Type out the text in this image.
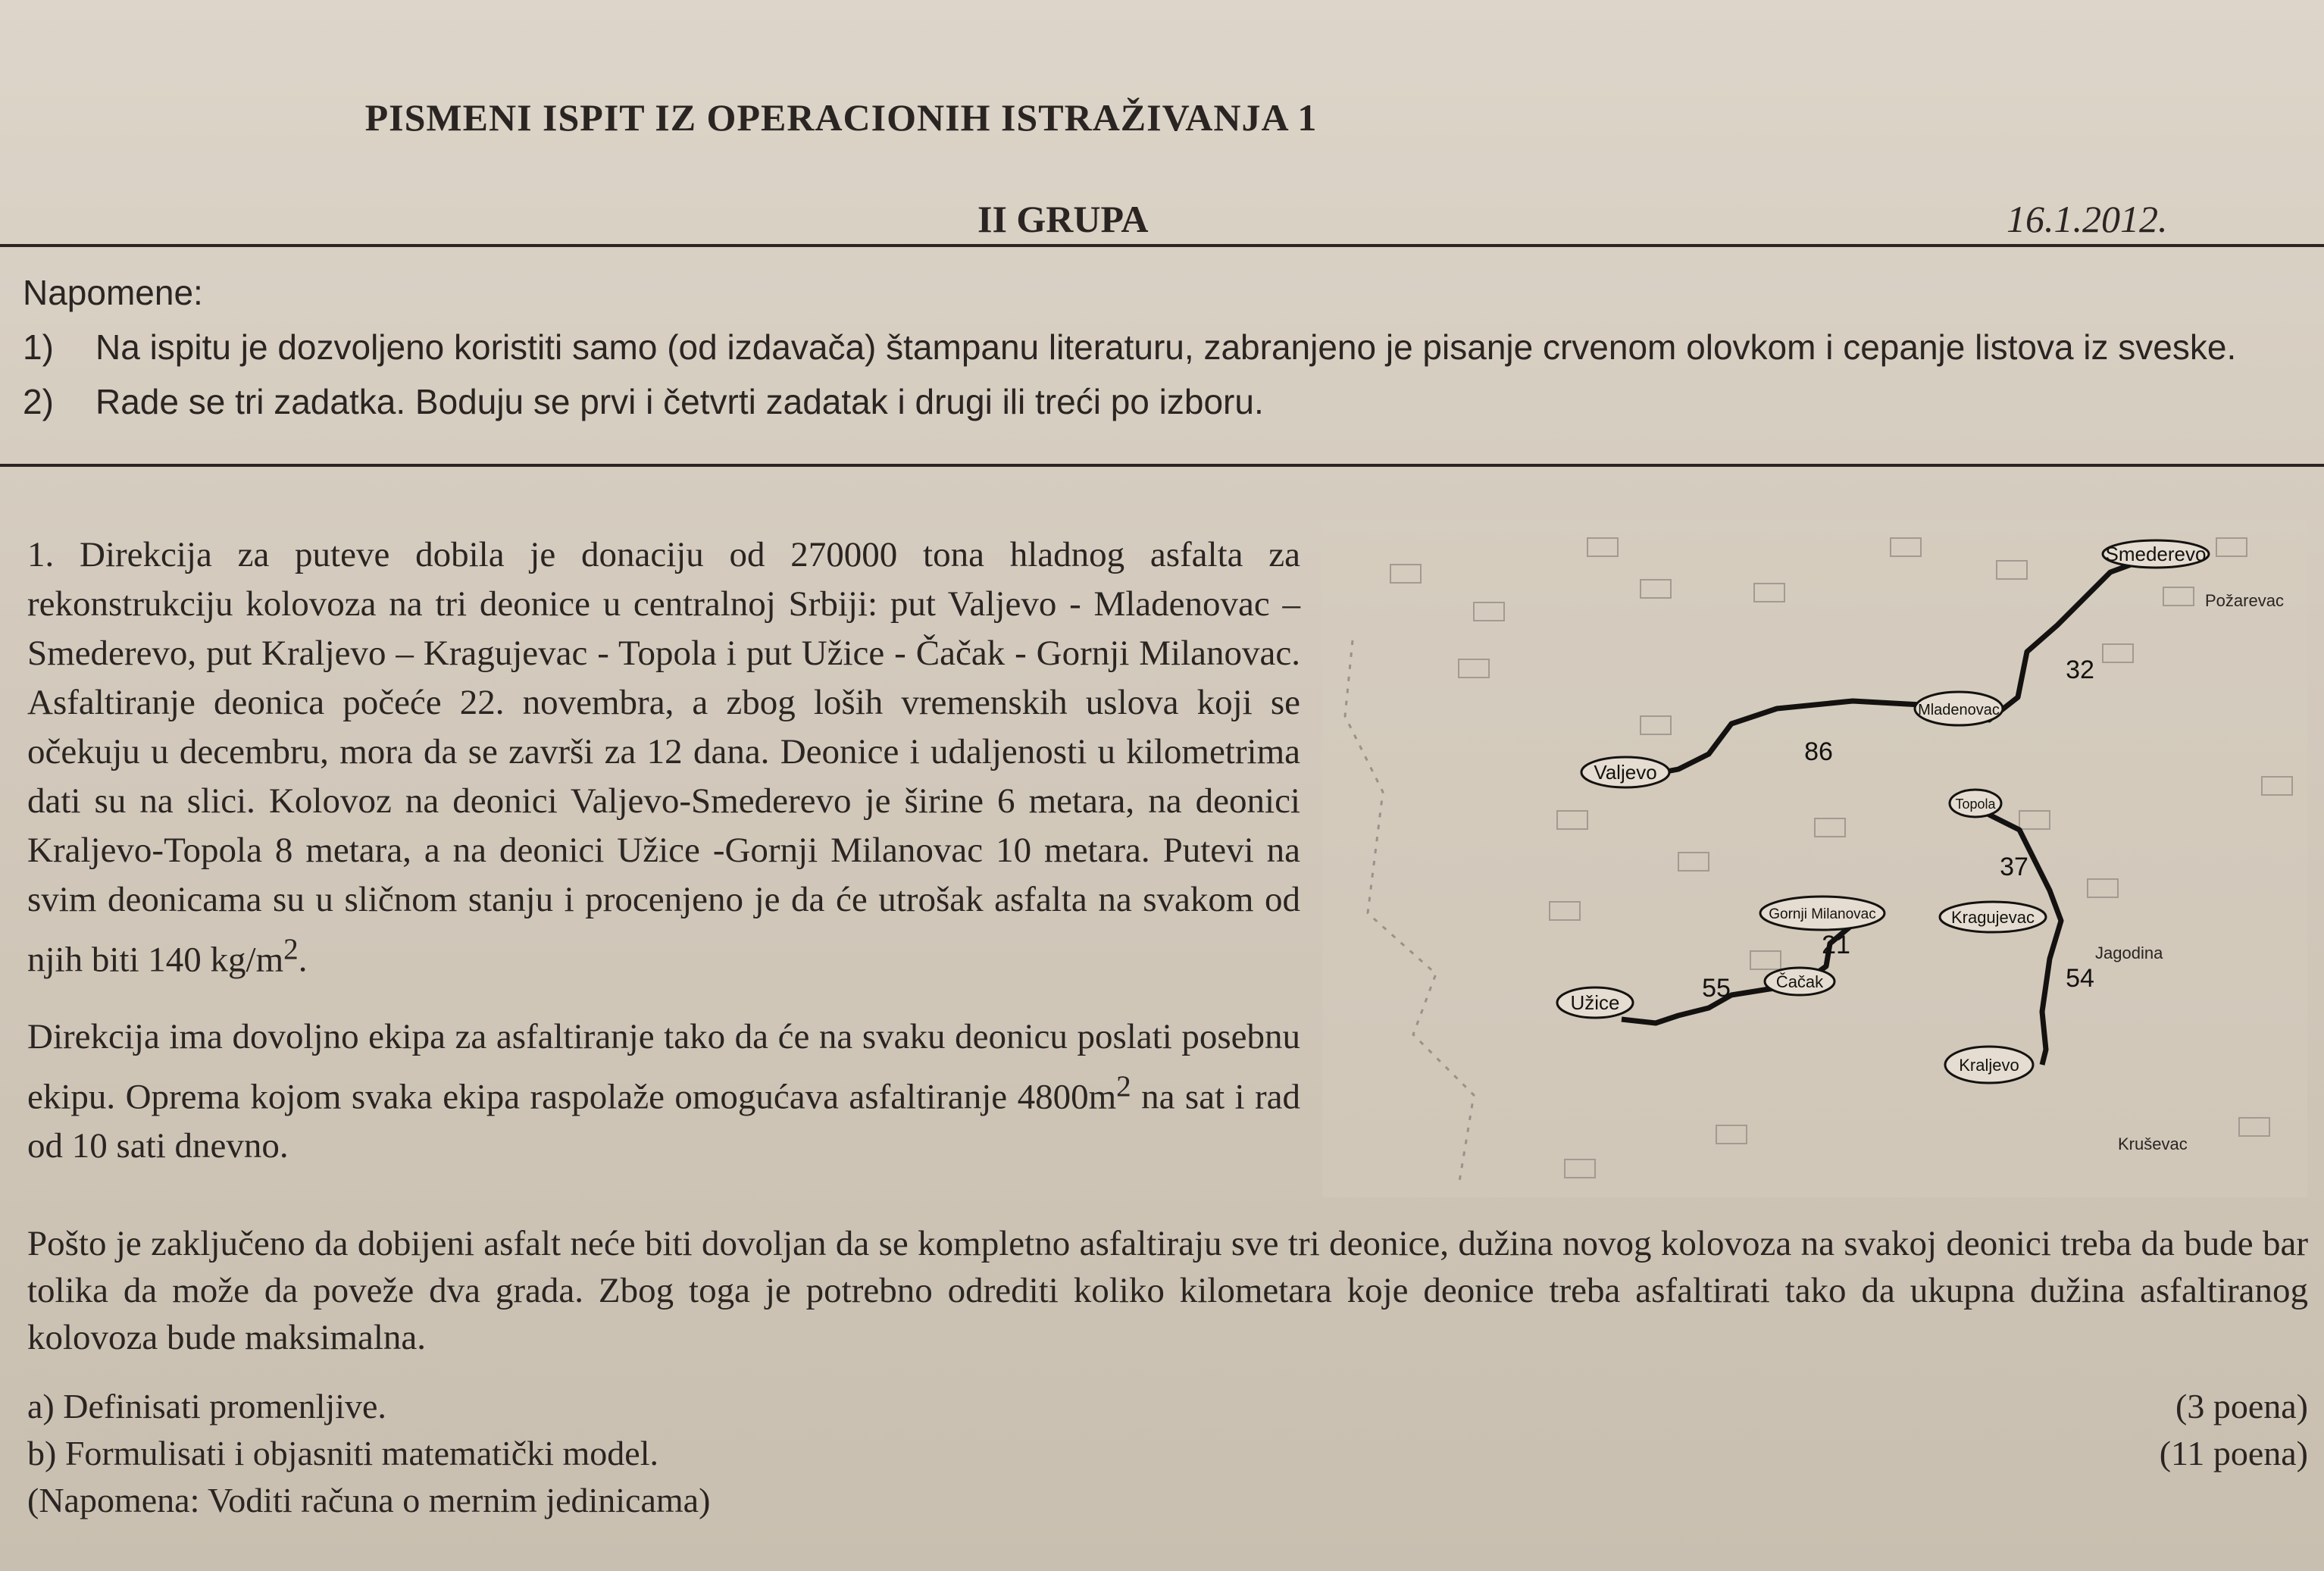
PISMENI ISPIT IZ OPERACIONIH ISTRAŽIVANJA 1
II GRUPA	16.1.2012.
Napomene:
1)	Na ispitu je dozvoljeno koristiti samo (od izdavača) štampanu literaturu, zabranjeno je pisanje crvenom olovkom i cepanje listova iz sveske.
2)	Rade se tri zadatka. Boduju se prvi i četvrti zadatak i drugi ili treći po izboru.

1. Direkcija za puteve dobila je donaciju od 270000 tona hladnog asfalta za rekonstrukciju kolovoza na tri deonice u centralnoj Srbiji: put Valjevo - Mladenovac – Smederevo, put Kraljevo – Kragujevac - Topola i put Užice - Čačak - Gornji Milanovac. Asfaltiranje deonica počeće 22. novembra, a zbog loših vremenskih uslova koji se očekuju u decembru, mora da se završi za 12 dana. Deonice i udaljenosti u kilometrima dati su na slici. Kolovoz na deonici Valjevo-Smederevo je širine 6 metara, na deonici Kraljevo-Topola 8 metara, a na deonici Užice -Gornji Milanovac 10 metara. Putevi na svim deonicama su u sličnom stanju i procenjeno je da će utrošak asfalta na svakom od njih biti 140 $kg/m^2$.

Direkcija ima dovoljno ekipa za asfaltiranje tako da će na svaku deonicu poslati posebnu ekipu. Oprema kojom svaka ekipa raspolaže omogućava asfaltiranje $4800m^2$ na sat i rad od 10 sati dnevno.

Smederevo
Valjevo
Mladenovac
Topola
Gornji Milanovac	Kragujevac
Čačak
Užice
Kraljevo
86
32
37
54
55
21
Požarevac
Jagodina
Kruševac

Pošto je zaključeno da dobijeni asfalt neće biti dovoljan da se kompletno asfaltiraju sve tri deonice, dužina novog kolovoza na svakoj deonici treba da bude bar tolika da može da poveže dva grada. Zbog toga je potrebno odrediti koliko kilometara koje deonice treba asfaltirati tako da ukupna dužina asfaltiranog kolovoza bude maksimalna.

a) Definisati promenljive.	(3 poena)
b) Formulisati i objasniti matematički model.	(11 poena)
(Napomena: Voditi računa o mernim jedinicama)
